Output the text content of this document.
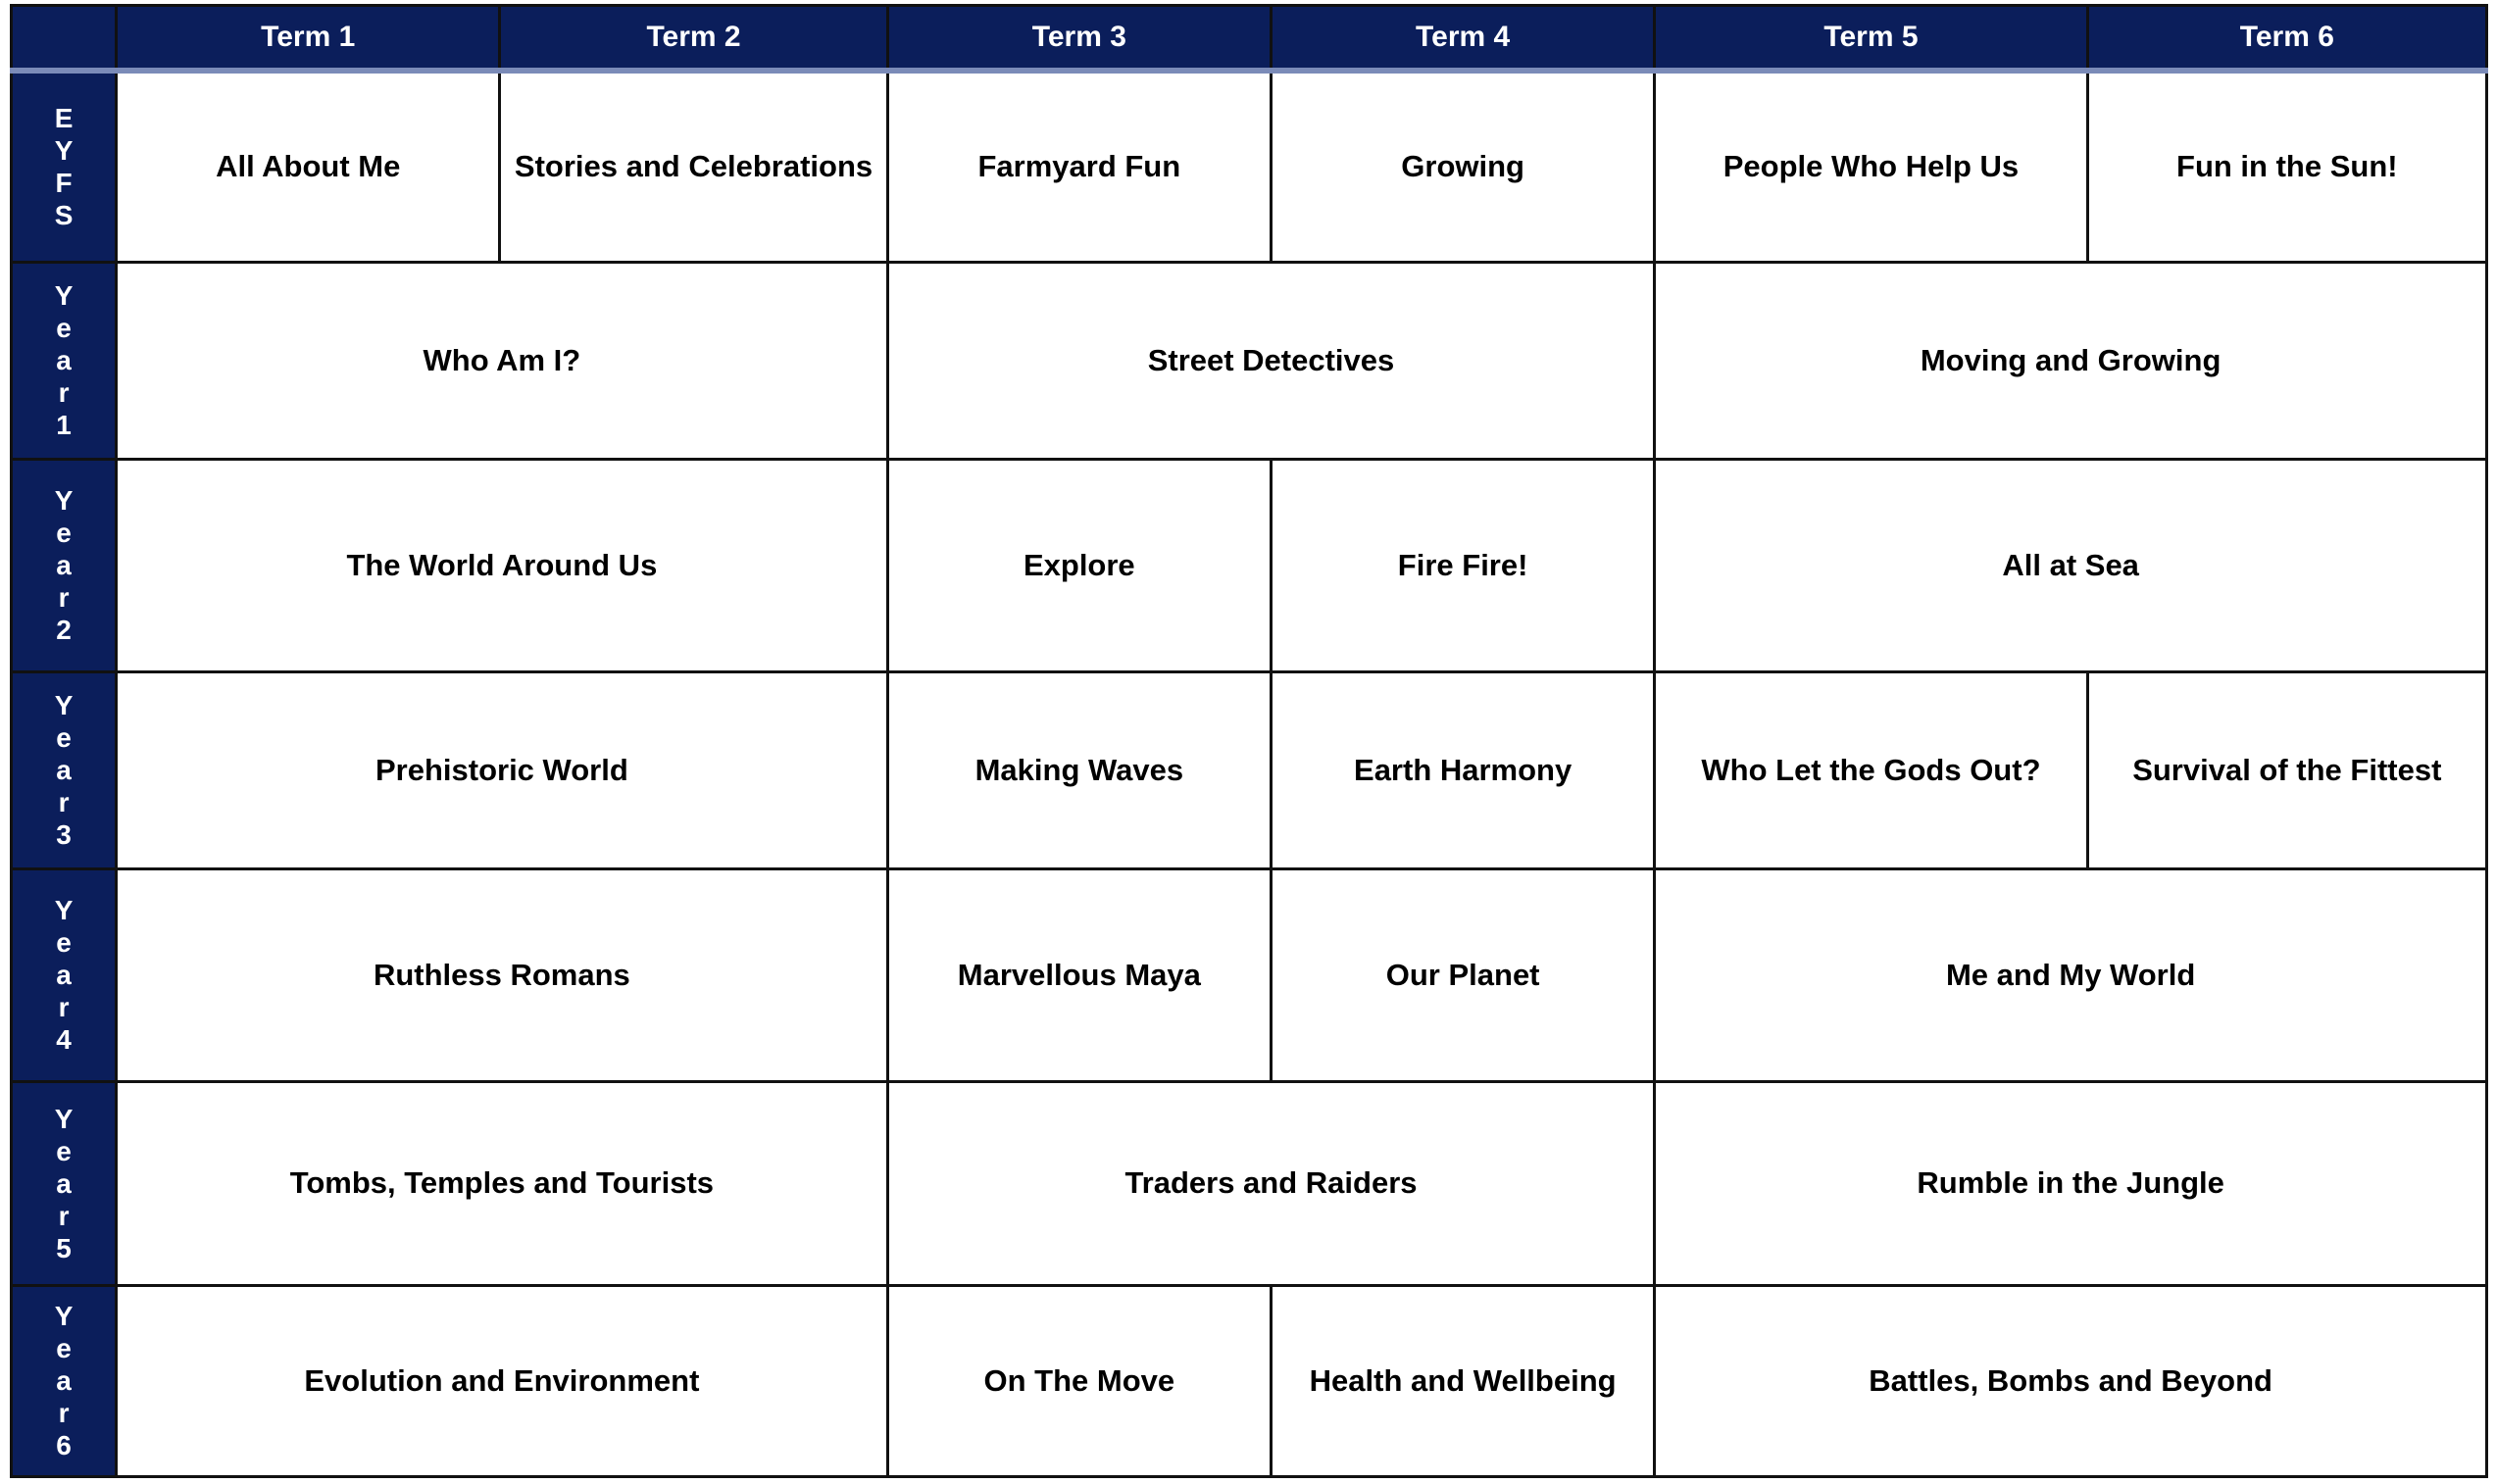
	Term 1	Term 2	Term 3	Term 4	Term 5	Term 6

E
Y
F
S	All About Me	Stories and Celebrations	Farmyard Fun	Growing	People Who Help Us	Fun in the Sun!

Y
e
a
r
1	Who Am I?		Street Detectives		Moving and Growing	

Y
e
a
r
2	The World Around Us		Explore	Fire Fire!	All at Sea	

Y
e
a
r
3	Prehistoric World		Making Waves	Earth Harmony	Who Let the Gods Out?	Survival of the Fittest

Y
e
a
r
4	Ruthless Romans		Marvellous Maya	Our Planet	Me and My World	

Y
e
a
r
5	Tombs, Temples and Tourists		Traders and Raiders		Rumble in the Jungle	

Y
e
a
r
6	Evolution and Environment		On The Move	Health and Wellbeing	Battles, Bombs and Beyond	
